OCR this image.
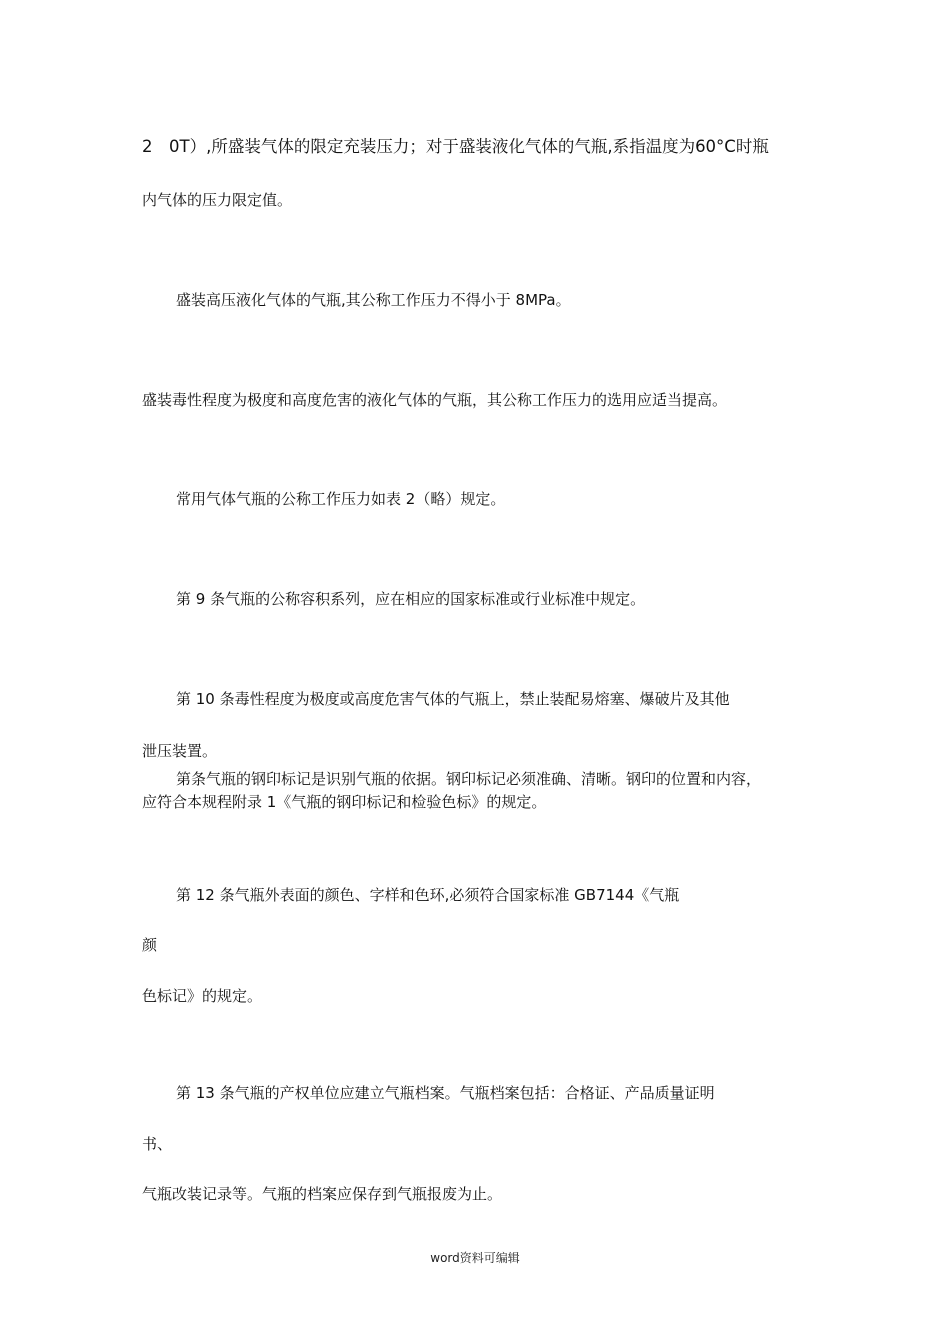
2　0T）,所盛装气体的限定充装压力；对于盛装液化气体的气瓶,系指温度为60°C时瓶
内气体的压力限定值。
盛装高压液化气体的气瓶,其公称工作压力不得小于 8MPa。
盛装毒性程度为极度和高度危害的液化气体的气瓶，其公称工作压力的选用应适当提高。
常用气体气瓶的公称工作压力如表 2（略）规定。
第 9 条气瓶的公称容积系列，应在相应的国家标准或行业标准中规定。
第 10 条毒性程度为极度或高度危害气体的气瓶上，禁止装配易熔塞、爆破片及其他
泄压装置。
第条气瓶的钢印标记是识别气瓶的依据。钢印标记必须准确、清晰。钢印的位置和内容，
应符合本规程附录 1《气瓶的钢印标记和检验色标》的规定。
第 12 条气瓶外表面的颜色、字样和色环,必须符合国家标准 GB7144《气瓶
颜
色标记》的规定。
第 13 条气瓶的产权单位应建立气瓶档案。气瓶档案包括：合格证、产品质量证明
书、
气瓶改装记录等。气瓶的档案应保存到气瓶报废为止。
word资料可编辑
